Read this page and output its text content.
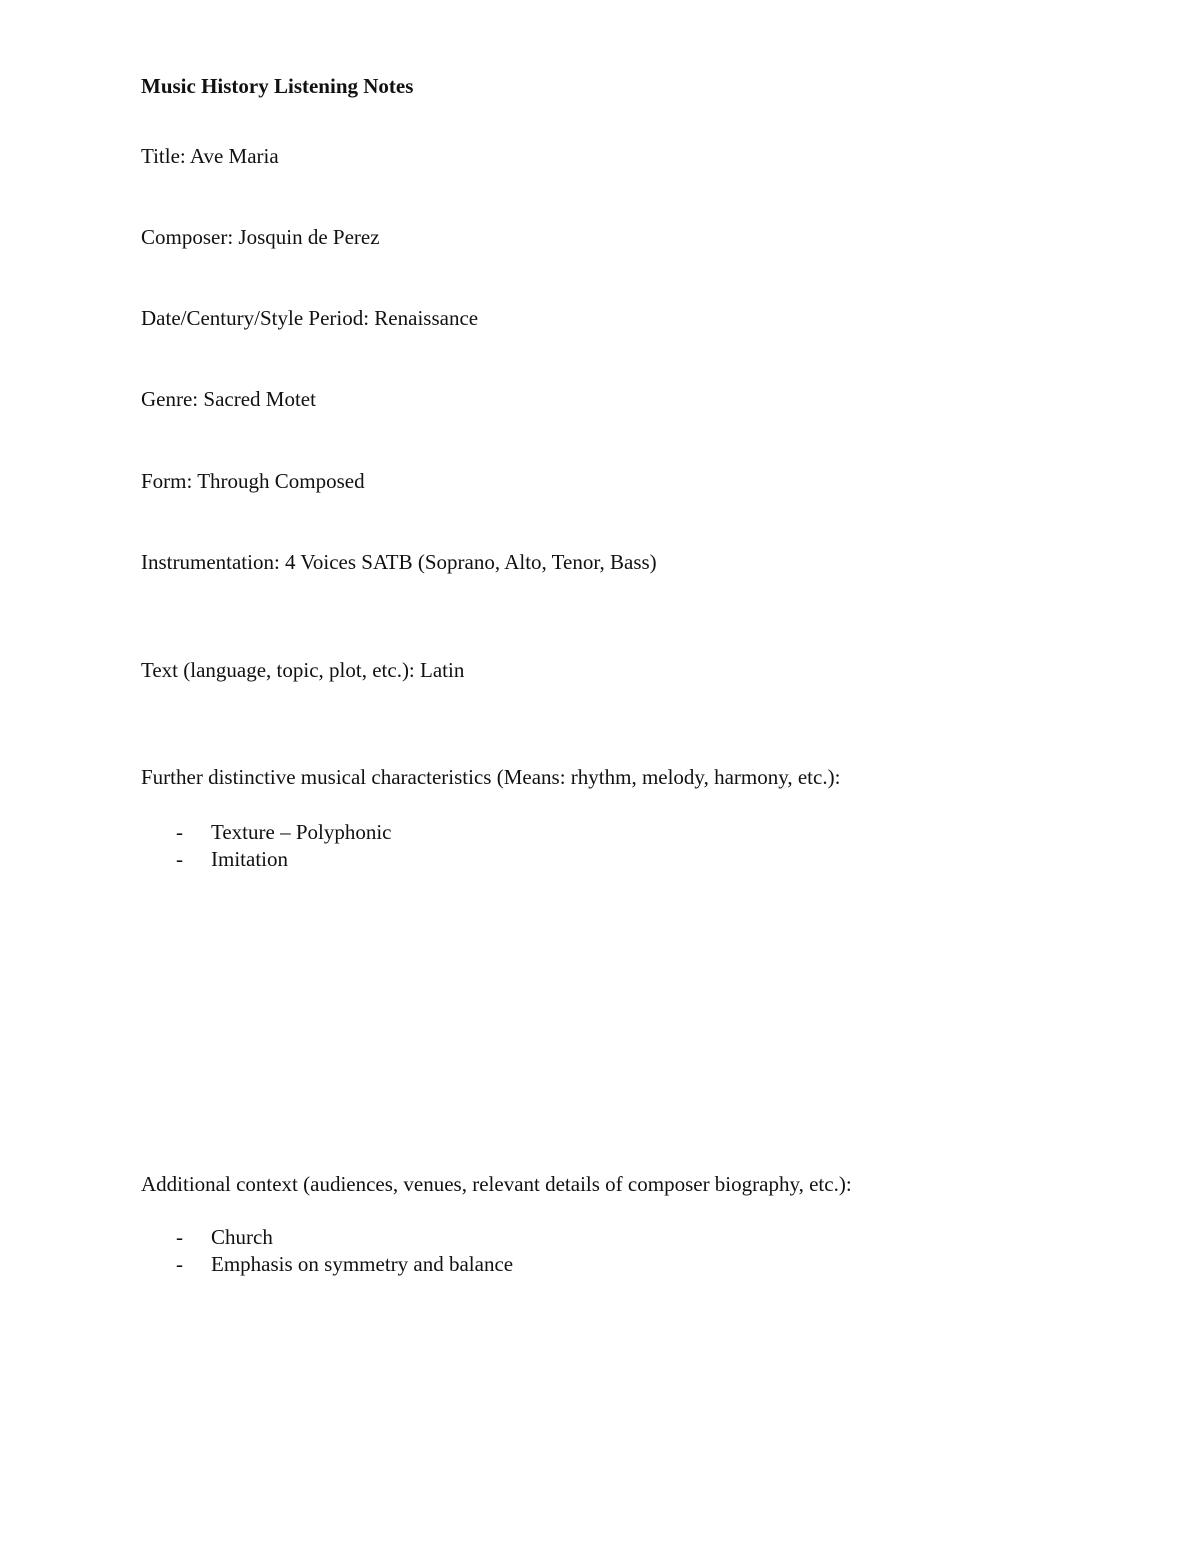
Music History Listening Notes
Title: Ave Maria
Composer: Josquin de Perez
Date/Century/Style Period: Renaissance
Genre: Sacred Motet
Form: Through Composed
Instrumentation: 4 Voices SATB (Soprano, Alto, Tenor, Bass)
Text (language, topic, plot, etc.): Latin
Further distinctive musical characteristics (Means: rhythm, melody, harmony, etc.):
- Texture – Polyphonic
- Imitation
Additional context (audiences, venues, relevant details of composer biography, etc.):
- Church
- Emphasis on symmetry and balance
